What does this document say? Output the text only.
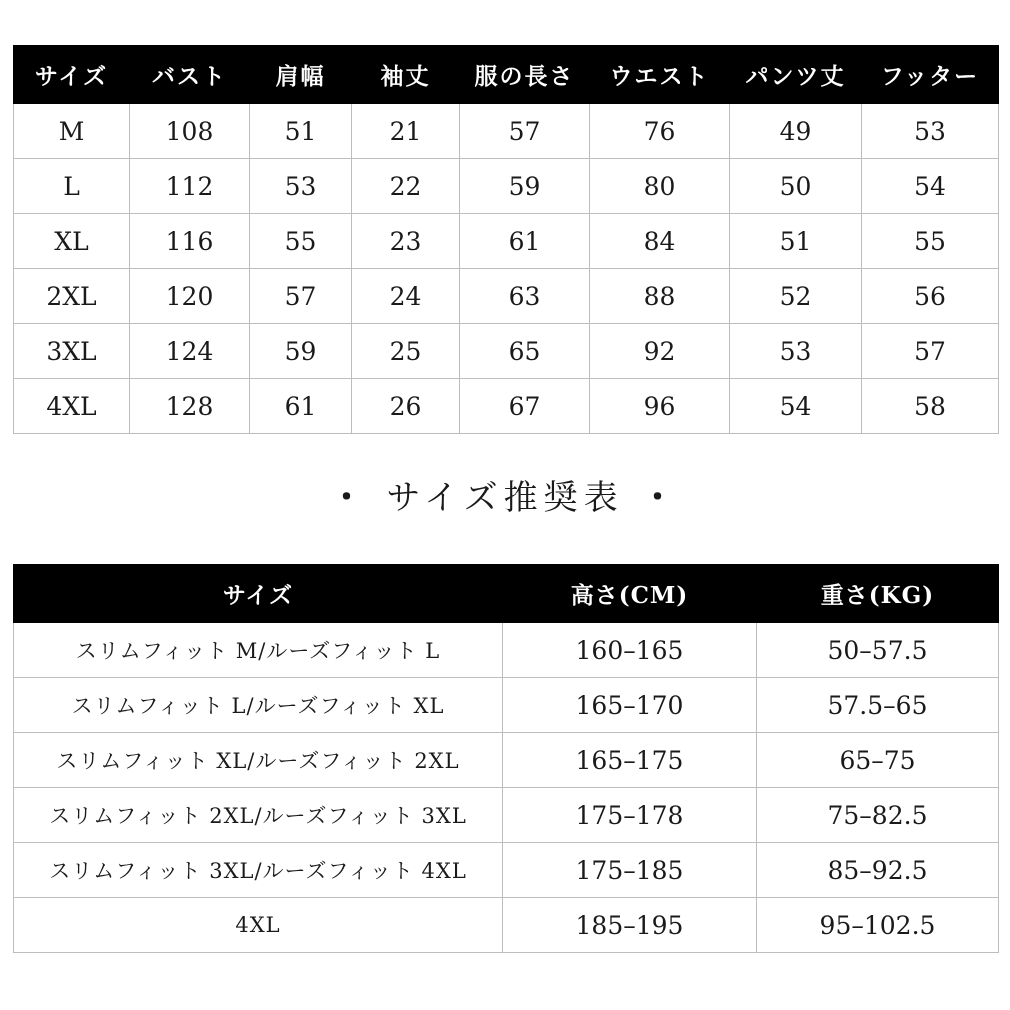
サイズ	バスト	肩幅	袖丈	服の長さ	ウエスト	パンツ丈	フッター
M	108	51	21	57	76	49	53
L	112	53	22	59	80	50	54
XL	116	55	23	61	84	51	55
2XL	120	57	24	63	88	52	56
3XL	124	59	25	65	92	53	57
4XL	128	61	26	67	96	54	58
・ サイズ推奨表 ・
サイズ	高さ(CM)	重さ(KG)
スリムフィット M/ルーズフィット L	160–165	50–57.5
スリムフィット L/ルーズフィット XL	165–170	57.5–65
スリムフィット XL/ルーズフィット 2XL	165–175	65–75
スリムフィット 2XL/ルーズフィット 3XL	175–178	75–82.5
スリムフィット 3XL/ルーズフィット 4XL	175–185	85–92.5
4XL	185–195	95–102.5
